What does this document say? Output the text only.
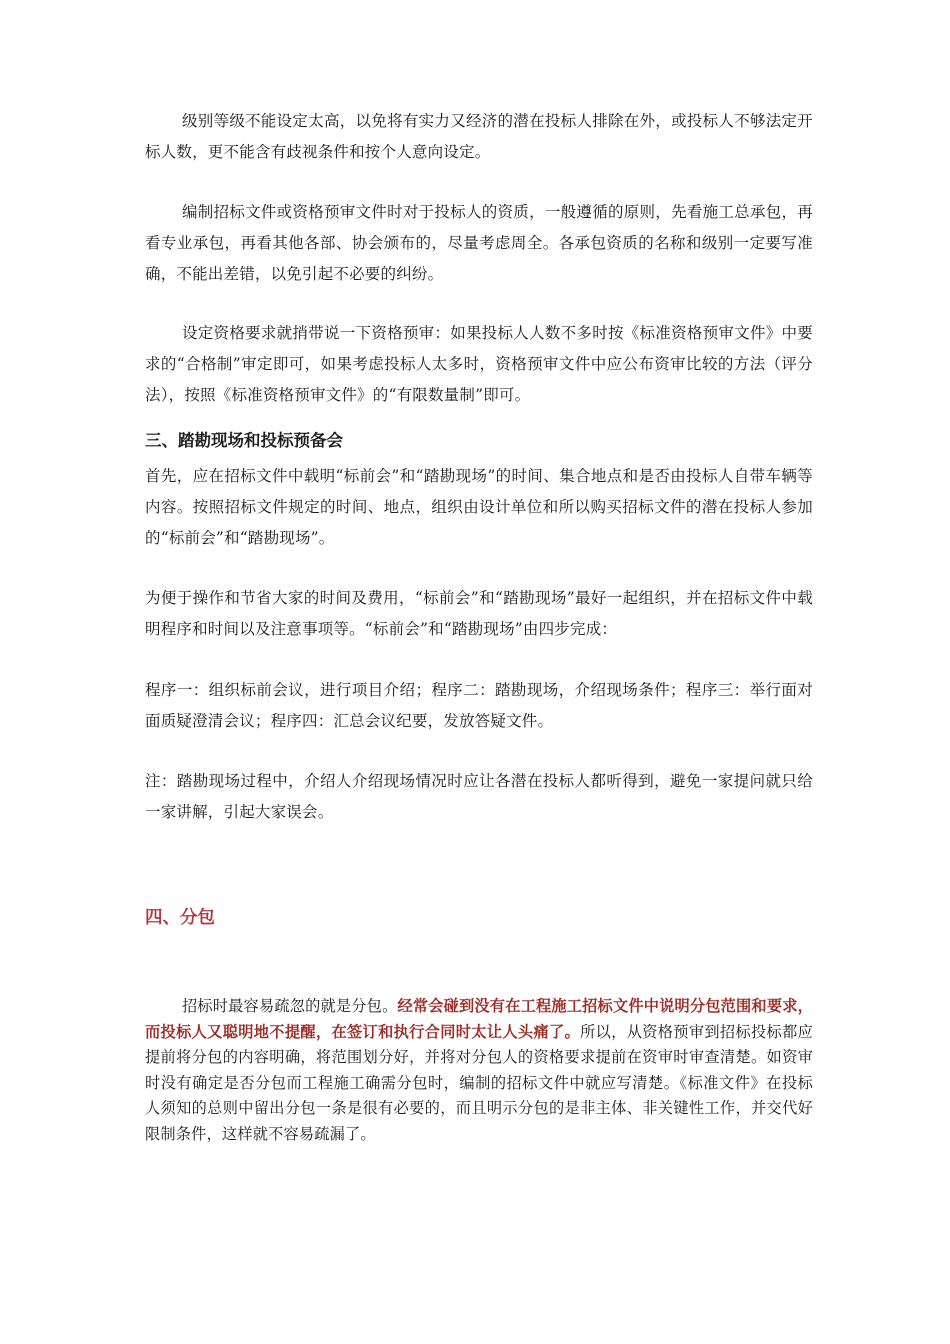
级别等级不能设定太高，以免将有实力又经济的潜在投标人排除在外，或投标人不够法定开标人数，更不能含有歧视条件和按个人意向设定。

编制招标文件或资格预审文件时对于投标人的资质，一般遵循的原则，先看施工总承包，再看专业承包，再看其他各部、协会颁布的，尽量考虑周全。各承包资质的名称和级别一定要写准确，不能出差错，以免引起不必要的纠纷。

设定资格要求就捎带说一下资格预审：如果投标人人数不多时按《标准资格预审文件》中要求的“合格制”审定即可，如果考虑投标人太多时，资格预审文件中应公布资审比较的方法（评分法），按照《标准资格预审文件》的“有限数量制”即可。

三、踏勘现场和投标预备会

首先，应在招标文件中载明“标前会”和“踏勘现场”的时间、集合地点和是否由投标人自带车辆等内容。按照招标文件规定的时间、地点，组织由设计单位和所以购买招标文件的潜在投标人参加的“标前会”和“踏勘现场”。

为便于操作和节省大家的时间及费用，“标前会”和“踏勘现场”最好一起组织，并在招标文件中载明程序和时间以及注意事项等。“标前会”和“踏勘现场”由四步完成：

程序一：组织标前会议，进行项目介绍；程序二：踏勘现场，介绍现场条件；程序三：举行面对面质疑澄清会议；程序四：汇总会议纪要，发放答疑文件。

注：踏勘现场过程中，介绍人介绍现场情况时应让各潜在投标人都听得到，避免一家提问就只给一家讲解，引起大家误会。

四、分包

招标时最容易疏忽的就是分包。经常会碰到没有在工程施工招标文件中说明分包范围和要求，而投标人又聪明地不提醒，在签订和执行合同时太让人头痛了。所以，从资格预审到招标投标都应提前将分包的内容明确，将范围划分好，并将对分包人的资格要求提前在资审时审查清楚。如资审时没有确定是否分包而工程施工确需分包时，编制的招标文件中就应写清楚。《标准文件》在投标人须知的总则中留出分包一条是很有必要的，而且明示分包的是非主体、非关键性工作，并交代好限制条件，这样就不容易疏漏了。
